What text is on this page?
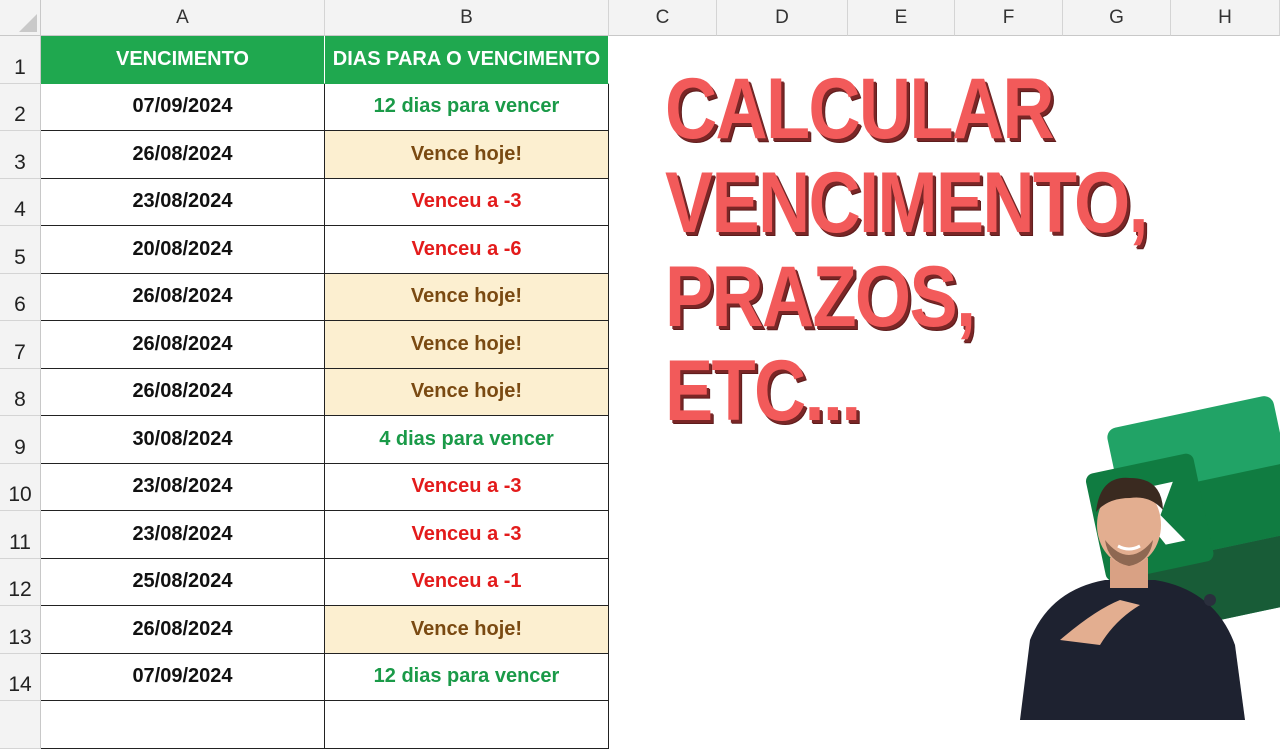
A	B	C	D	E	F	G	H
1
2
3
4
5
6
7
8
9
10
11
12
13
14
VENCIMENTO	DIAS PARA O VENCIMENTO
07/09/2024	12 dias para vencer
26/08/2024	Vence hoje!
23/08/2024	Venceu a -3
20/08/2024	Venceu a -6
26/08/2024	Vence hoje!
26/08/2024	Vence hoje!
26/08/2024	Vence hoje!
30/08/2024	4 dias para vencer
23/08/2024	Venceu a -3
23/08/2024	Venceu a -3
25/08/2024	Venceu a -1
26/08/2024	Vence hoje!
07/09/2024	12 dias para vencer
CALCULAR
VENCIMENTO,
PRAZOS,
ETC...
